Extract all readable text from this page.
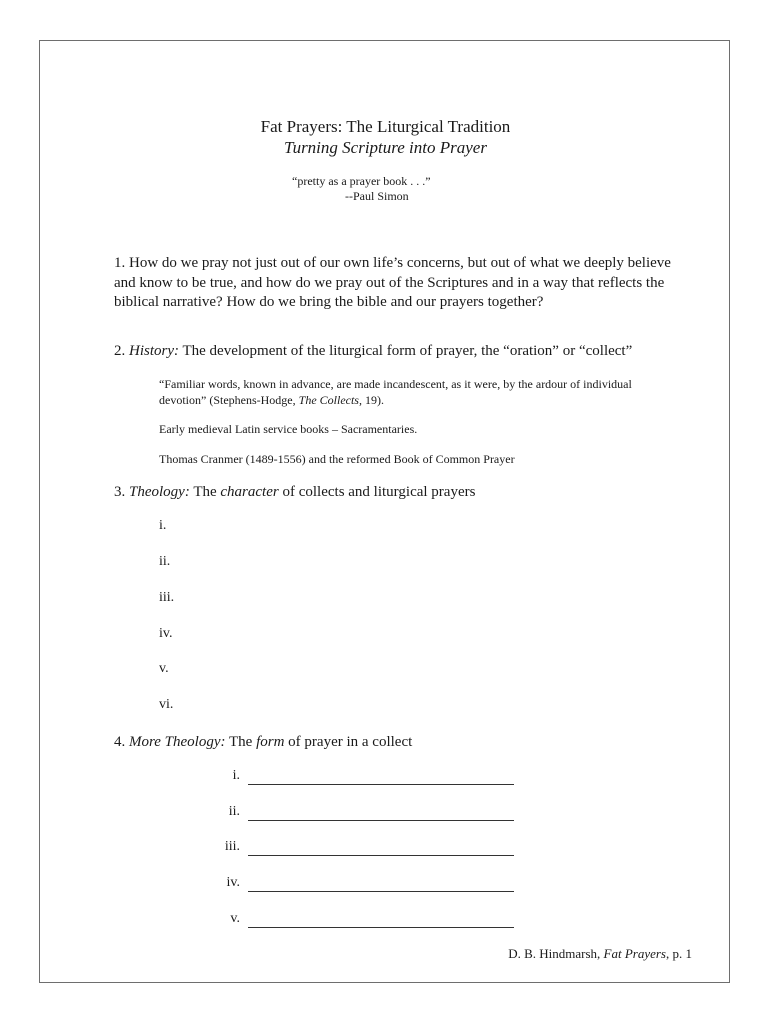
Fat Prayers: The Liturgical Tradition
Turning Scripture into Prayer
“pretty as a prayer book . . .”
--Paul Simon
1. How do we pray not just out of our own life’s concerns, but out of what we deeply believe and know to be true, and how do we pray out of the Scriptures and in a way that reflects the biblical narrative? How do we bring the bible and our prayers together?
2. History: The development of the liturgical form of prayer, the “oration” or “collect”
“Familiar words, known in advance, are made incandescent, as it were, by the ardour of individual devotion” (Stephens-Hodge, The Collects, 19).
Early medieval Latin service books – Sacramentaries.
Thomas Cranmer (1489-1556) and the reformed Book of Common Prayer
3. Theology: The character of collects and liturgical prayers
i.
ii.
iii.
iv.
v.
vi.
4. More Theology: The form of prayer in a collect
i.
ii.
iii.
iv.
v.
D. B. Hindmarsh, Fat Prayers, p. 1
